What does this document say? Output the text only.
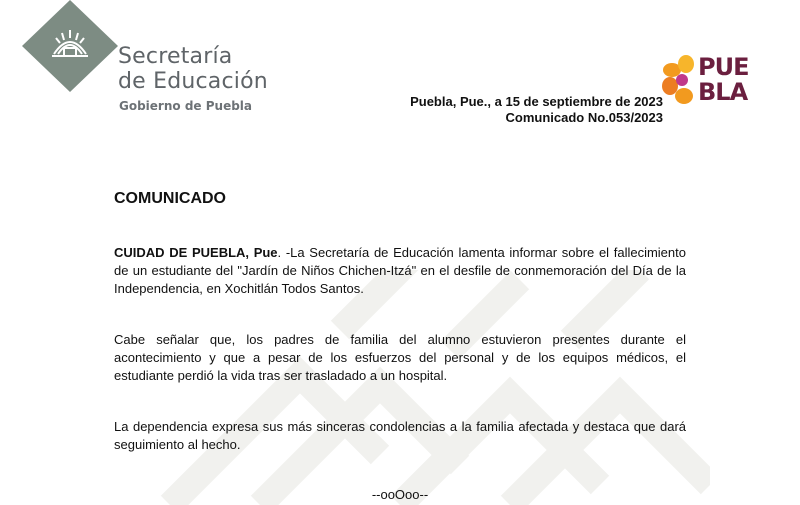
Secretaría
de Educación
Gobierno de Puebla
PUE
BLA
Puebla, Pue., a 15 de septiembre de 2023
Comunicado No.053/2023
COMUNICADO
CUIDAD DE PUEBLA, Pue. -La Secretaría de Educación lamenta informar sobre el fallecimiento de un estudiante del "Jardín de Niños Chichen-Itzá" en el desfile de conmemoración del Día de la Independencia, en Xochitlán Todos Santos.
Cabe señalar que, los padres de familia del alumno estuvieron presentes durante el acontecimiento y que a pesar de los esfuerzos del personal y de los equipos médicos, el estudiante perdió la vida tras ser trasladado a un hospital.
La dependencia expresa sus más sinceras condolencias a la familia afectada y destaca que dará seguimiento al hecho.
--ooOoo--
